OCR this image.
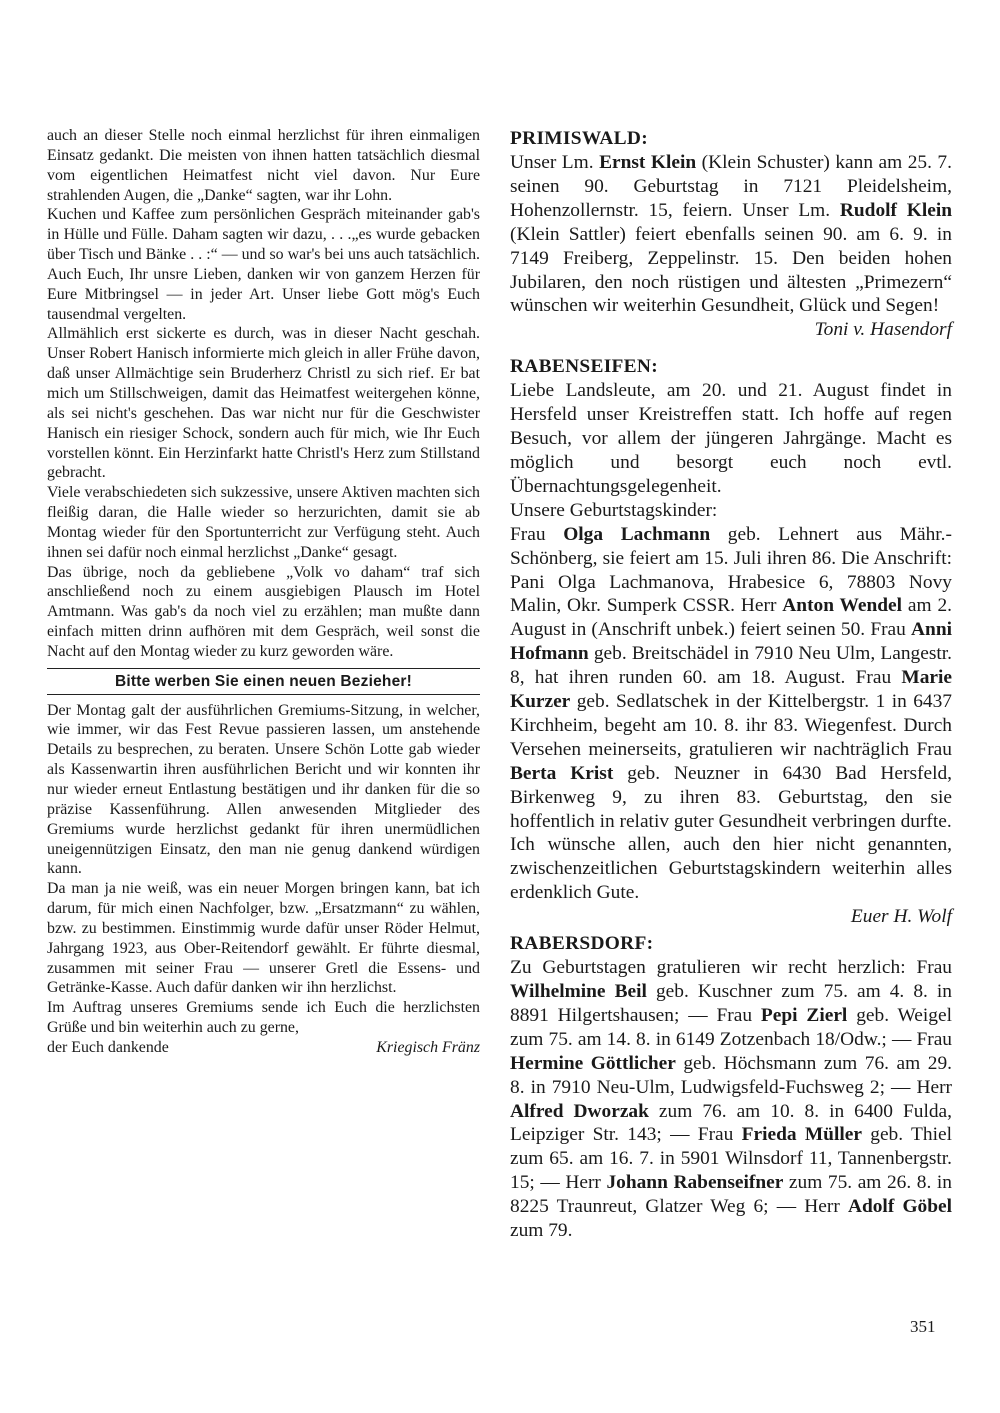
auch an dieser Stelle noch einmal herzlichst für ihren einmaligen Einsatz gedankt. Die meisten von ihnen hatten tatsächlich diesmal vom eigentlichen Heimatfest nicht viel davon. Nur Eure strahlenden Augen, die „Danke“ sagten, war ihr Lohn.

Kuchen und Kaffee zum persönlichen Gespräch miteinander gab's in Hülle und Fülle. Daham sagten wir dazu, . . .„es wurde gebacken über Tisch und Bänke . . :“ — und so war's bei uns auch tatsächlich. Auch Euch, Ihr unsre Lieben, danken wir von ganzem Herzen für Eure Mitbringsel — in jeder Art. Unser liebe Gott mög's Euch tausendmal vergelten.

Allmählich erst sickerte es durch, was in dieser Nacht geschah. Unser Robert Hanisch informierte mich gleich in aller Frühe davon, daß unser Allmächtige sein Bruderherz Christl zu sich rief. Er bat mich um Stillschweigen, damit das Heimatfest weitergehen könne, als sei nicht's geschehen. Das war nicht nur für die Geschwister Hanisch ein riesiger Schock, sondern auch für mich, wie Ihr Euch vorstellen könnt. Ein Herzinfarkt hatte Christl's Herz zum Stillstand gebracht.

Viele verabschiedeten sich sukzessive, unsere Aktiven machten sich fleißig daran, die Halle wieder so herzurichten, damit sie ab Montag wieder für den Sportunterricht zur Verfügung steht. Auch ihnen sei dafür noch einmal herzlichst „Danke“ gesagt.

Das übrige, noch da gebliebene „Volk vo daham“ traf sich anschließend noch zu einem ausgiebigen Plausch im Hotel Amtmann. Was gab's da noch viel zu erzählen; man mußte dann einfach mitten drinn aufhören mit dem Gespräch, weil sonst die Nacht auf den Montag wieder zu kurz geworden wäre.

Bitte werben Sie einen neuen Bezieher!

Der Montag galt der ausführlichen Gremiums-Sitzung, in welcher, wie immer, wir das Fest Revue passieren lassen, um anstehende Details zu besprechen, zu beraten. Unsere Schön Lotte gab wieder als Kassenwartin ihren ausführlichen Bericht und wir konnten ihr nur wieder erneut Entlastung bestätigen und ihr danken für die so präzise Kassenführung. Allen anwesenden Mitglieder des Gremiums wurde herzlichst gedankt für ihren unermüdlichen uneigennützigen Einsatz, den man nie genug dankend würdigen kann.

Da man ja nie weiß, was ein neuer Morgen bringen kann, bat ich darum, für mich einen Nachfolger, bzw. „Ersatzmann“ zu wählen, bzw. zu bestimmen. Einstimmig wurde dafür unser Röder Helmut, Jahrgang 1923, aus Ober-Reitendorf gewählt. Er führte diesmal, zusammen mit seiner Frau — unserer Gretl die Essens- und Getränke-Kasse. Auch dafür danken wir ihn herzlichst.

Im Auftrag unseres Gremiums sende ich Euch die herzlichsten Grüße und bin weiterhin auch zu gerne,

der Euch dankende	Kriegisch Fränz
PRIMISWALD:

Unser Lm. Ernst Klein (Klein Schuster) kann am 25. 7. seinen 90. Geburtstag in 7121 Pleidelsheim, Hohenzollernstr. 15, feiern. Unser Lm. Rudolf Klein (Klein Sattler) feiert ebenfalls seinen 90. am 6. 9. in 7149 Freiberg, Zeppelinstr. 15. Den beiden hohen Jubilaren, den noch rüstigen und ältesten „Primezern“ wünschen wir weiterhin Gesundheit, Glück und Segen!

Toni v. Hasendorf

RABENSEIFEN:

Liebe Landsleute, am 20. und 21. August findet in Hersfeld unser Kreistreffen statt. Ich hoffe auf regen Besuch, vor allem der jüngeren Jahrgänge. Macht es möglich und besorgt euch noch evtl. Übernachtungsgelegenheit.

Unsere Geburtstagskinder:

Frau Olga Lachmann geb. Lehnert aus Mähr.-Schönberg, sie feiert am 15. Juli ihren 86. Die Anschrift: Pani Olga Lachmanova, Hrabesice 6, 78803 Novy Malin, Okr. Sumperk CSSR. Herr Anton Wendel am 2. August in (Anschrift unbek.) feiert seinen 50. Frau Anni Hofmann geb. Breitschädel in 7910 Neu Ulm, Langestr. 8, hat ihren runden 60. am 18. August. Frau Marie Kurzer geb. Sedlatschek in der Kittelbergstr. 1 in 6437 Kirchheim, begeht am 10. 8. ihr 83. Wiegenfest. Durch Versehen meinerseits, gratulieren wir nachträglich Frau Berta Krist geb. Neuzner in 6430 Bad Hersfeld, Birkenweg 9, zu ihren 83. Geburtstag, den sie hoffentlich in relativ guter Gesundheit verbringen durfte.

Ich wünsche allen, auch den hier nicht genannten, zwischenzeitlichen Geburtstagskindern weiterhin alles erdenklich Gute.

Euer H. Wolf

RABERSDORF:

Zu Geburtstagen gratulieren wir recht herzlich: Frau Wilhelmine Beil geb. Kuschner zum 75. am 4. 8. in 8891 Hilgertshausen; — Frau Pepi Zierl geb. Weigel zum 75. am 14. 8. in 6149 Zotzenbach 18/Odw.; — Frau Hermine Göttlicher geb. Höchsmann zum 76. am 29. 8. in 7910 Neu-Ulm, Ludwigsfeld-Fuchsweg 2; — Herr Alfred Dworzak zum 76. am 10. 8. in 6400 Fulda, Leipziger Str. 143; — Frau Frieda Müller geb. Thiel zum 65. am 16. 7. in 5901 Wilnsdorf 11, Tannenbergstr. 15; — Herr Johann Rabenseifner zum 75. am 26. 8. in 8225 Traunreut, Glatzer Weg 6; — Herr Adolf Göbel zum 79.

351
